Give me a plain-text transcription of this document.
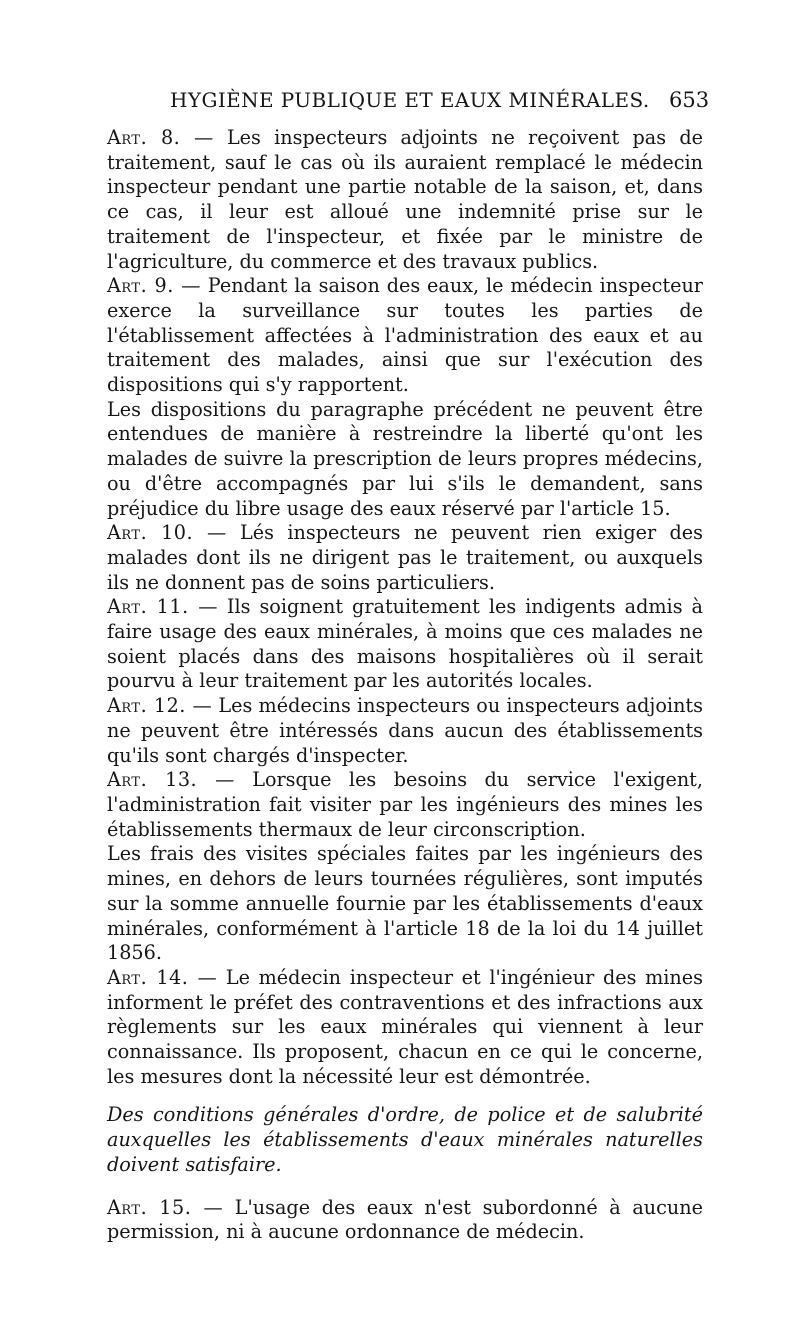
HYGIÈNE PUBLIQUE ET EAUX MINÉRALES. 653

Art. 8. — Les inspecteurs adjoints ne reçoivent pas de traitement, sauf le cas où ils auraient remplacé le médecin inspecteur pendant une partie notable de la saison, et, dans ce cas, il leur est alloué une indemnité prise sur le traitement de l'inspecteur, et fixée par le ministre de l'agriculture, du commerce et des travaux publics.

Art. 9. — Pendant la saison des eaux, le médecin inspecteur exerce la surveillance sur toutes les parties de l'établissement affectées à l'administration des eaux et au traitement des malades, ainsi que sur l'exécution des dispositions qui s'y rapportent.

Les dispositions du paragraphe précédent ne peuvent être entendues de manière à restreindre la liberté qu'ont les malades de suivre la prescription de leurs propres médecins, ou d'être accompagnés par lui s'ils le demandent, sans préjudice du libre usage des eaux réservé par l'article 15.

Art. 10. — Lés inspecteurs ne peuvent rien exiger des malades dont ils ne dirigent pas le traitement, ou auxquels ils ne donnent pas de soins particuliers.

Art. 11. — Ils soignent gratuitement les indigents admis à faire usage des eaux minérales, à moins que ces malades ne soient placés dans des maisons hospitalières où il serait pourvu à leur traitement par les autorités locales.

Art. 12. — Les médecins inspecteurs ou inspecteurs adjoints ne peuvent être intéressés dans aucun des établissements qu'ils sont chargés d'inspecter.

Art. 13. — Lorsque les besoins du service l'exigent, l'administration fait visiter par les ingénieurs des mines les établissements thermaux de leur circonscription.

Les frais des visites spéciales faites par les ingénieurs des mines, en dehors de leurs tournées régulières, sont imputés sur la somme annuelle fournie par les établissements d'eaux minérales, conformément à l'article 18 de la loi du 14 juillet 1856.

Art. 14. — Le médecin inspecteur et l'ingénieur des mines informent le préfet des contraventions et des infractions aux règlements sur les eaux minérales qui viennent à leur connaissance. Ils proposent, chacun en ce qui le concerne, les mesures dont la nécessité leur est démontrée.

Des conditions générales d'ordre, de police et de salubrité auxquelles les établissements d'eaux minérales naturelles doivent satisfaire.

Art. 15. — L'usage des eaux n'est subordonné à aucune permission, ni à aucune ordonnance de médecin.
